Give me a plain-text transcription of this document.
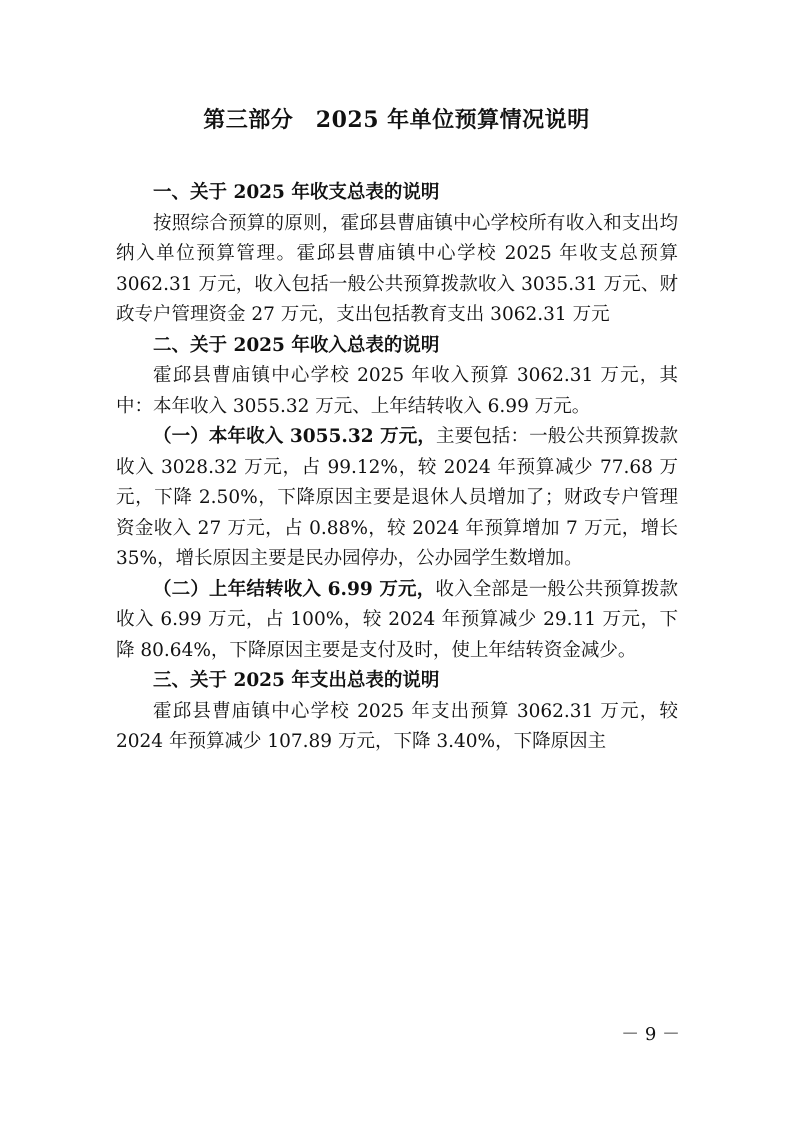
第三部分　2025 年单位预算情况说明

一、关于 2025 年收支总表的说明

按照综合预算的原则，霍邱县曹庙镇中心学校所有收入和支出均纳入单位预算管理。霍邱县曹庙镇中心学校 2025 年收支总预算 3062.31 万元，收入包括一般公共预算拨款收入 3035.31 万元、财政专户管理资金 27 万元，支出包括教育支出 3062.31 万元

二、关于 2025 年收入总表的说明

霍邱县曹庙镇中心学校 2025 年收入预算 3062.31 万元，其中：本年收入 3055.32 万元、上年结转收入 6.99 万元。

（一）本年收入 3055.32 万元，主要包括：一般公共预算拨款收入 3028.32 万元，占 99.12%，较 2024 年预算减少 77.68 万元，下降 2.50%，下降原因主要是退休人员增加了；财政专户管理资金收入 27 万元，占 0.88%，较 2024 年预算增加 7 万元，增长 35%，增长原因主要是民办园停办，公办园学生数增加。

（二）上年结转收入 6.99 万元，收入全部是一般公共预算拨款收入 6.99 万元，占 100%，较 2024 年预算减少 29.11 万元，下降 80.64%，下降原因主要是支付及时，使上年结转资金减少。

三、关于 2025 年支出总表的说明

霍邱县曹庙镇中心学校 2025 年支出预算 3062.31 万元，较 2024 年预算减少 107.89 万元，下降 3.40%，下降原因主

－ 9 －
